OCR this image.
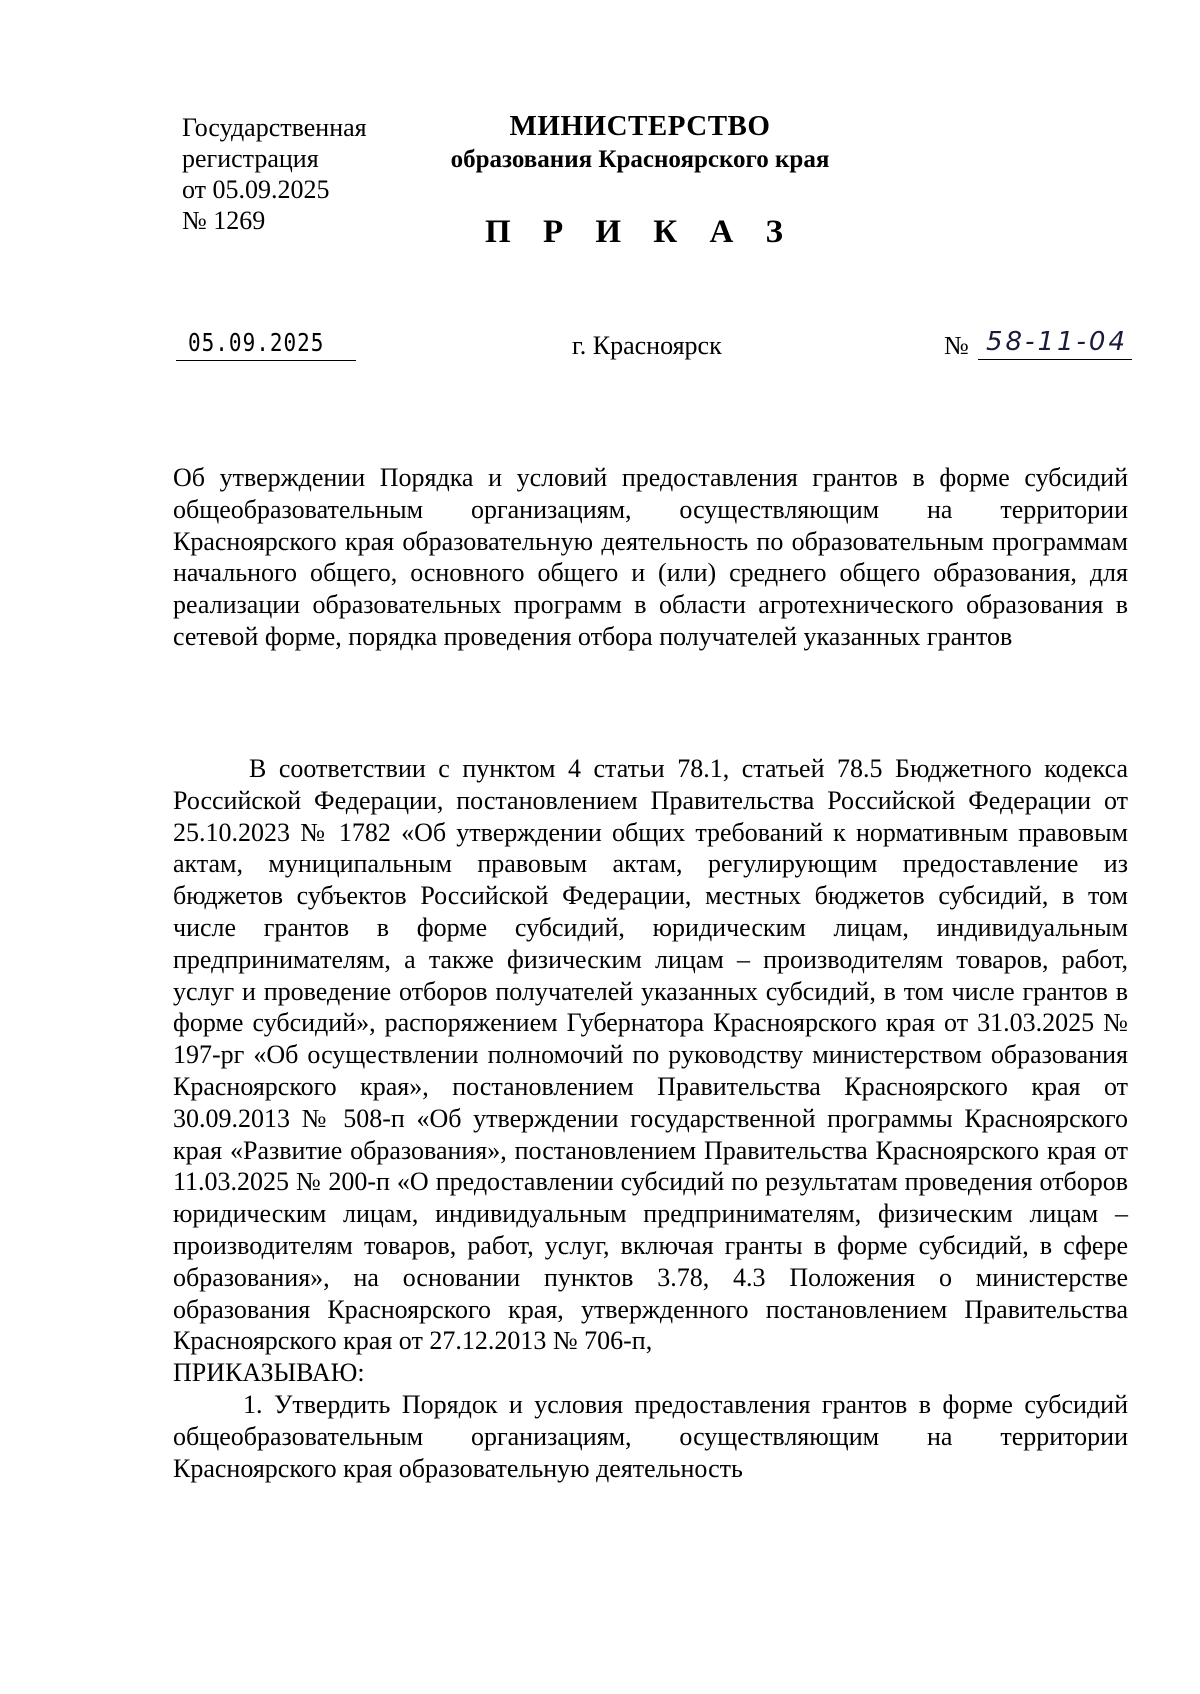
Государственная
регистрация
от 05.09.2025
№ 1269
МИНИСТЕРСТВО
образования Красноярского края
П Р И К А З
05.09.2025	г. Красноярск	№ 58-11-04

Об утверждении Порядка и условий предоставления грантов в форме субсидий общеобразовательным организациям, осуществляющим на территории Красноярского края образовательную деятельность по образовательным программам начального общего, основного общего и (или) среднего общего образования, для реализации образовательных программ в области агротехнического образования в сетевой форме, порядка проведения отбора получателей указанных грантов

В соответствии с пунктом 4 статьи 78.1, статьей 78.5 Бюджетного кодекса Российской Федерации, постановлением Правительства Российской Федерации от 25.10.2023 № 1782 «Об утверждении общих требований к нормативным правовым актам, муниципальным правовым актам, регулирующим предоставление из бюджетов субъектов Российской Федерации, местных бюджетов субсидий, в том числе грантов в форме субсидий, юридическим лицам, индивидуальным предпринимателям, а также физическим лицам – производителям товаров, работ, услуг и проведение отборов получателей указанных субсидий, в том числе грантов в форме субсидий», распоряжением Губернатора Красноярского края от 31.03.2025 № 197-рг «Об осуществлении полномочий по руководству министерством образования Красноярского края», постановлением Правительства Красноярского края от 30.09.2013 № 508-п «Об утверждении государственной программы Красноярского края «Развитие образования», постановлением Правительства Красноярского края от 11.03.2025 № 200-п «О предоставлении субсидий по результатам проведения отборов юридическим лицам, индивидуальным предпринимателям, физическим лицам – производителям товаров, работ, услуг, включая гранты в форме субсидий, в сфере образования», на основании пунктов 3.78, 4.3 Положения о министерстве образования Красноярского края, утвержденного постановлением Правительства Красноярского края от 27.12.2013 № 706-п,

ПРИКАЗЫВАЮ:

1. Утвердить Порядок и условия предоставления грантов в форме субсидий общеобразовательным организациям, осуществляющим на территории Красноярского края образовательную деятельность
